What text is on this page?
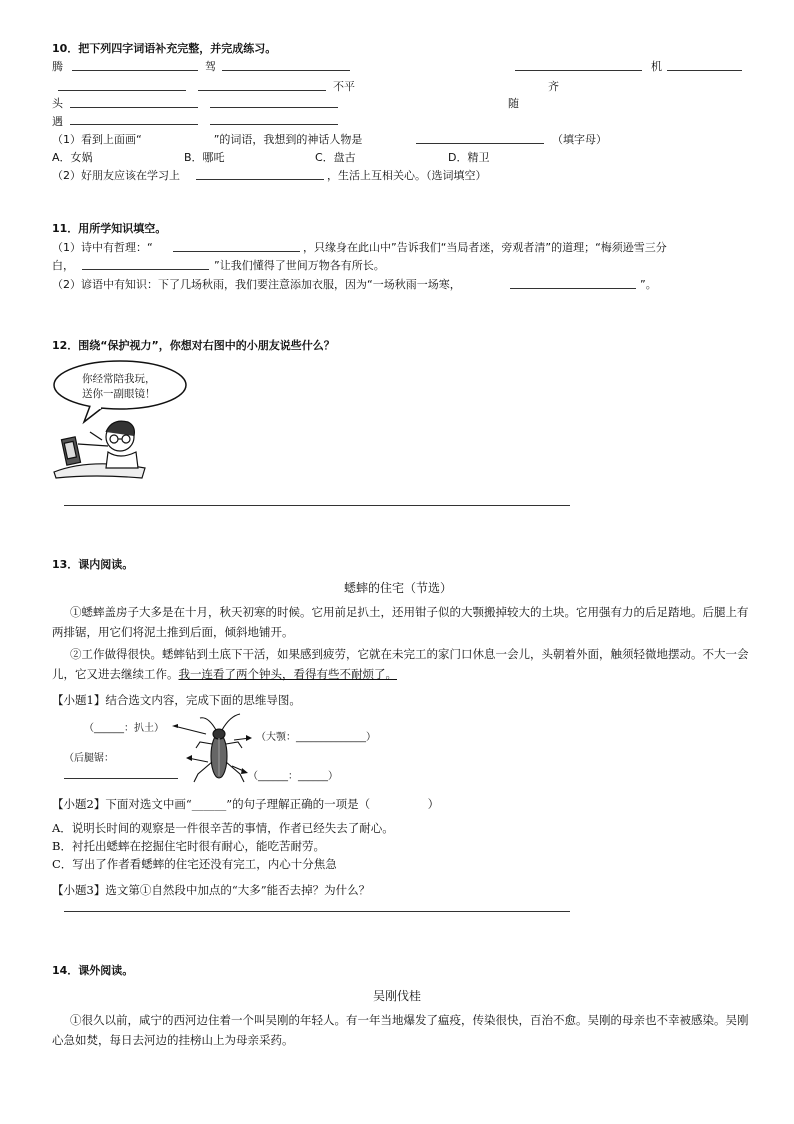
10．把下列四字词语补充完整，并完成练习。
腾	驾	机
不平	齐
头	随
遇
（1）看到上面画“	”的词语，我想到的神话人物是	（填字母）
A．女娲	B．哪吒	C．盘古	D．精卫
（2）好朋友应该在学习上	，生活上互相关心。（选词填空）
11．用所学知识填空。
（1）诗中有哲理：“	，只缘身在此山中”告诉我们“当局者迷，旁观者清”的道理；“梅须逊雪三分
白，	”让我们懂得了世间万物各有所长。
（2）谚语中有知识：下了几场秋雨，我们要注意添加衣服，因为“一场秋雨一场寒，	”。
12．围绕“保护视力”，你想对右图中的小朋友说些什么？
你经常陪我玩，
送你一副眼镜！
13．课内阅读。
蟋蟀的住宅（节选）
①蟋蟀盖房子大多是在十月，秋天初寒的时候。它用前足扒土，还用钳子似的大颚搬掉较大的土块。它用强有力的后足踏地。后腿上有两排锯，用它们将泥土推到后面，倾斜地铺开。
②工作做得很快。蟋蟀钻到土底下干活，如果感到疲劳，它就在未完工的家门口休息一会儿，头朝着外面，触须轻微地摆动。不大一会儿，它又进去继续工作。我一连看了两个钟头，看得有些不耐烦了。
【小题1】结合选文内容，完成下面的思维导图。
（______：扒土）
（大颚：______________）
（后腿锯：
（______：______）
【小题2】下面对选文中画“______”的句子理解正确的一项是（　　　　　）
A．说明长时间的观察是一件很辛苦的事情，作者已经失去了耐心。
B．衬托出蟋蟀在挖掘住宅时很有耐心，能吃苦耐劳。
C．写出了作者看蟋蟀的住宅还没有完工，内心十分焦急
【小题3】选文第①自然段中加点的“大多”能否去掉？为什么？
14．课外阅读。
吴刚伐桂
①很久以前，咸宁的西河边住着一个叫吴刚的年轻人。有一年当地爆发了瘟疫，传染很快，百治不愈。吴刚的母亲也不幸被感染。吴刚心急如焚，每日去河边的挂榜山上为母亲采药。
